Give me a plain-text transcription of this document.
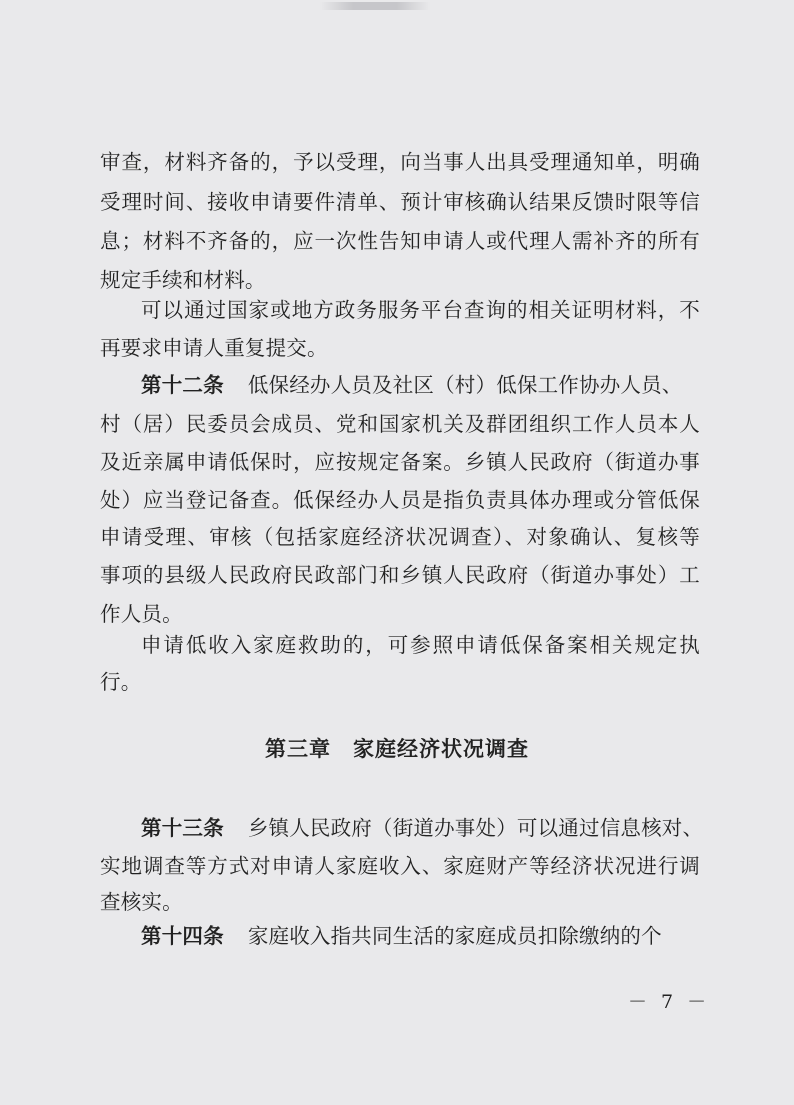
审查，材料齐备的，予以受理，向当事人出具受理通知单，明确
受理时间、接收申请要件清单、预计审核确认结果反馈时限等信
息；材料不齐备的，应一次性告知申请人或代理人需补齐的所有
规定手续和材料。
可以通过国家或地方政务服务平台查询的相关证明材料，不
再要求申请人重复提交。
第十二条 低保经办人员及社区（村）低保工作协办人员、
村（居）民委员会成员、党和国家机关及群团组织工作人员本人
及近亲属申请低保时，应按规定备案。乡镇人民政府（街道办事
处）应当登记备查。低保经办人员是指负责具体办理或分管低保
申请受理、审核（包括家庭经济状况调查）、对象确认、复核等
事项的县级人民政府民政部门和乡镇人民政府（街道办事处）工
作人员。
申请低收入家庭救助的，可参照申请低保备案相关规定执
行。
第三章　家庭经济状况调查
第十三条 乡镇人民政府（街道办事处）可以通过信息核对、
实地调查等方式对申请人家庭收入、家庭财产等经济状况进行调
查核实。
第十四条 家庭收入指共同生活的家庭成员扣除缴纳的个
－ 7 －
